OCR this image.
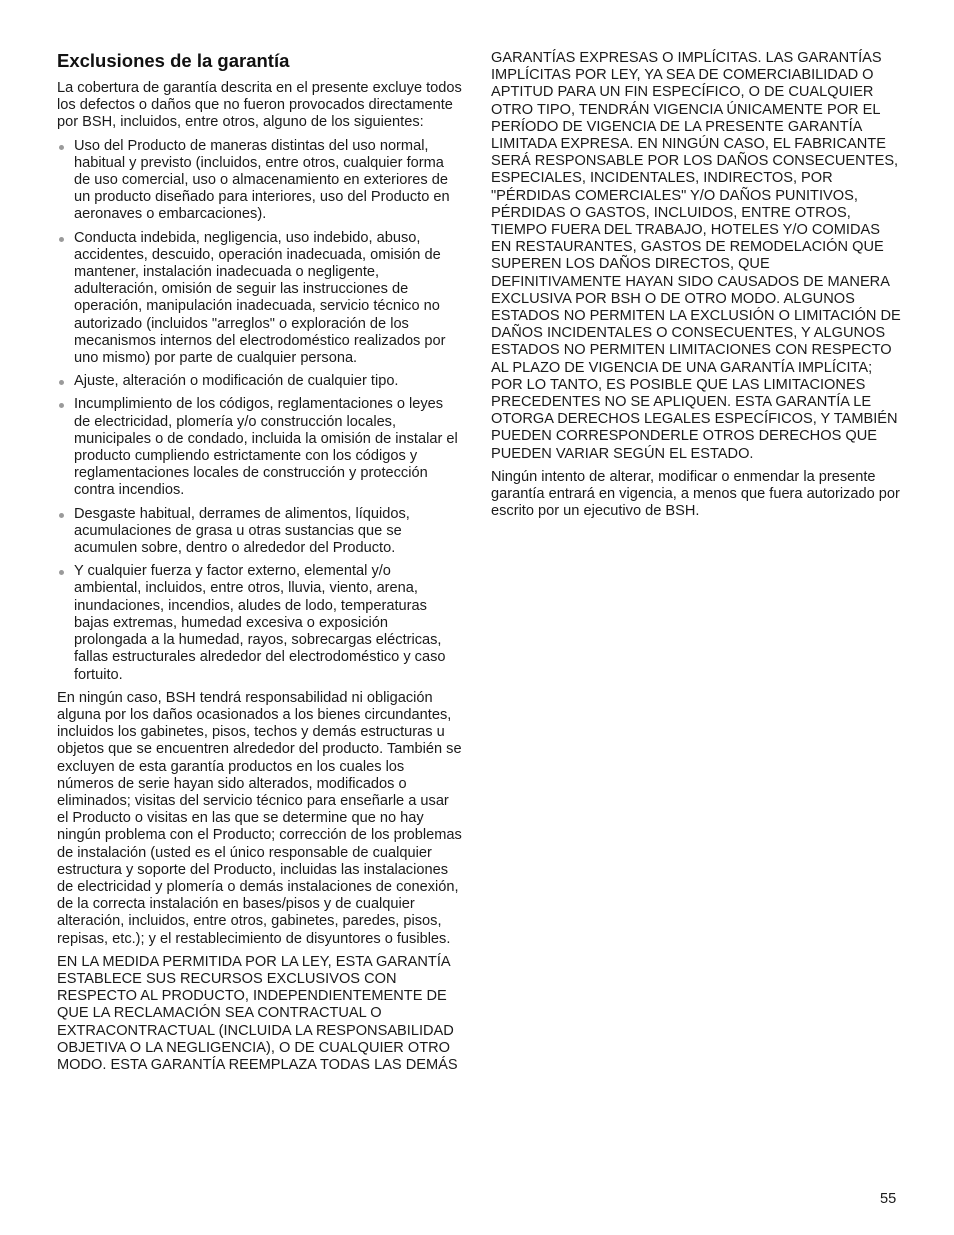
Exclusiones de la garantía

La cobertura de garantía descrita en el presente excluye todos los defectos o daños que no fueron provocados directamente por BSH, incluidos, entre otros, alguno de los siguientes:

Uso del Producto de maneras distintas del uso normal, habitual y previsto (incluidos, entre otros, cualquier forma de uso comercial, uso o almacenamiento en exteriores de un producto diseñado para interiores, uso del Producto en aeronaves o embarcaciones).
Conducta indebida, negligencia, uso indebido, abuso, accidentes, descuido, operación inadecuada, omisión de mantener, instalación inadecuada o negligente, adulteración, omisión de seguir las instrucciones de operación, manipulación inadecuada, servicio técnico no autorizado (incluidos "arreglos" o exploración de los mecanismos internos del electrodoméstico realizados por uno mismo) por parte de cualquier persona.
Ajuste, alteración o modificación de cualquier tipo.
Incumplimiento de los códigos, reglamentaciones o leyes de electricidad, plomería y/o construcción locales, municipales o de condado, incluida la omisión de instalar el producto cumpliendo estrictamente con los códigos y reglamentaciones locales de construcción y protección contra incendios.
Desgaste habitual, derrames de alimentos, líquidos, acumulaciones de grasa u otras sustancias que se acumulen sobre, dentro o alrededor del Producto.
Y cualquier fuerza y factor externo, elemental y/o ambiental, incluidos, entre otros, lluvia, viento, arena, inundaciones, incendios, aludes de lodo, temperaturas bajas extremas, humedad excesiva o exposición prolongada a la humedad, rayos, sobrecargas eléctricas, fallas estructurales alrededor del electrodoméstico y caso fortuito.

En ningún caso, BSH tendrá responsabilidad ni obligación alguna por los daños ocasionados a los bienes circundantes, incluidos los gabinetes, pisos, techos y demás estructuras u objetos que se encuentren alrededor del producto. También se excluyen de esta garantía productos en los cuales los números de serie hayan sido alterados, modificados o eliminados; visitas del servicio técnico para enseñarle a usar el Producto o visitas en las que se determine que no hay ningún problema con el Producto; corrección de los problemas de instalación (usted es el único responsable de cualquier estructura y soporte del Producto, incluidas las instalaciones de electricidad y plomería o demás instalaciones de conexión, de la correcta instalación en bases/pisos y de cualquier alteración, incluidos, entre otros, gabinetes, paredes, pisos, repisas, etc.); y el restablecimiento de disyuntores o fusibles.

EN LA MEDIDA PERMITIDA POR LA LEY, ESTA GARANTÍA ESTABLECE SUS RECURSOS EXCLUSIVOS CON RESPECTO AL PRODUCTO, INDEPENDIENTEMENTE DE QUE LA RECLAMACIÓN SEA CONTRACTUAL O EXTRACONTRACTUAL (INCLUIDA LA RESPONSABILIDAD OBJETIVA O LA NEGLIGENCIA), O DE CUALQUIER OTRO MODO. ESTA GARANTÍA REEMPLAZA TODAS LAS DEMÁS

GARANTÍAS EXPRESAS O IMPLÍCITAS. LAS GARANTÍAS IMPLÍCITAS POR LEY, YA SEA DE COMERCIABILIDAD O APTITUD PARA UN FIN ESPECÍFICO, O DE CUALQUIER OTRO TIPO, TENDRÁN VIGENCIA ÚNICAMENTE POR EL PERÍODO DE VIGENCIA DE LA PRESENTE GARANTÍA LIMITADA EXPRESA. EN NINGÚN CASO, EL FABRICANTE SERÁ RESPONSABLE POR LOS DAÑOS CONSECUENTES, ESPECIALES, INCIDENTALES, INDIRECTOS, POR "PÉRDIDAS COMERCIALES" Y/O DAÑOS PUNITIVOS, PÉRDIDAS O GASTOS, INCLUIDOS, ENTRE OTROS, TIEMPO FUERA DEL TRABAJO, HOTELES Y/O COMIDAS EN RESTAURANTES, GASTOS DE REMODELACIÓN QUE SUPEREN LOS DAÑOS DIRECTOS, QUE DEFINITIVAMENTE HAYAN SIDO CAUSADOS DE MANERA EXCLUSIVA POR BSH O DE OTRO MODO. ALGUNOS ESTADOS NO PERMITEN LA EXCLUSIÓN O LIMITACIÓN DE DAÑOS INCIDENTALES O CONSECUENTES, Y ALGUNOS ESTADOS NO PERMITEN LIMITACIONES CON RESPECTO AL PLAZO DE VIGENCIA DE UNA GARANTÍA IMPLÍCITA; POR LO TANTO, ES POSIBLE QUE LAS LIMITACIONES PRECEDENTES NO SE APLIQUEN. ESTA GARANTÍA LE OTORGA DERECHOS LEGALES ESPECÍFICOS, Y TAMBIÉN PUEDEN CORRESPONDERLE OTROS DERECHOS QUE PUEDEN VARIAR SEGÚN EL ESTADO.

Ningún intento de alterar, modificar o enmendar la presente garantía entrará en vigencia, a menos que fuera autorizado por escrito por un ejecutivo de BSH.

55
